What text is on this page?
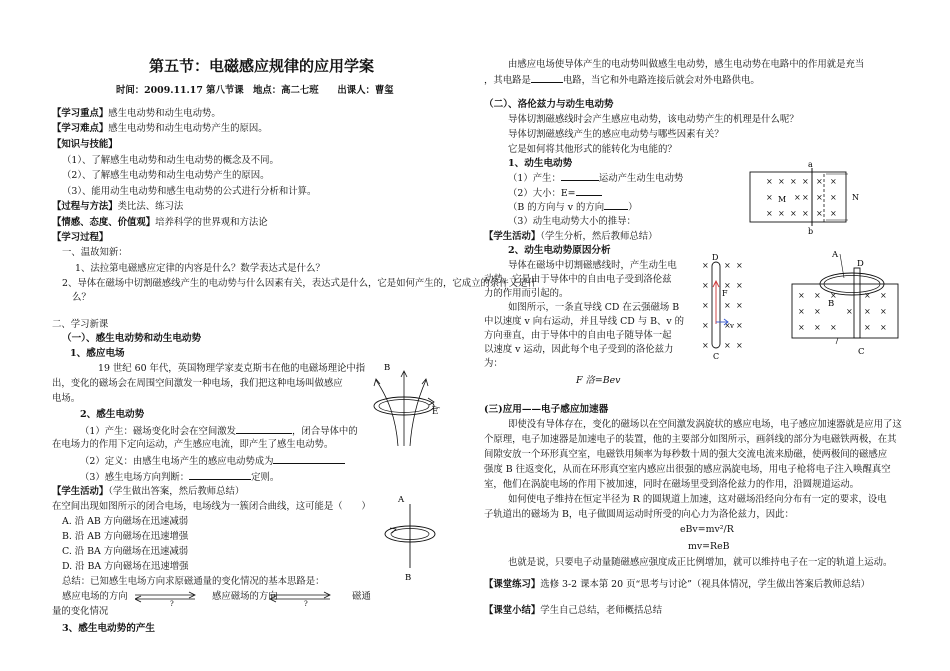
第五节：电磁感应规律的应用学案
时间：2009.11.17 第八节课　地点：高二七班　　出课人：曹玺
【学习重点】感生电动势和动生电动势。
【学习难点】感生电动势和动生电动势产生的原因。
【知识与技能】
（1）、了解感生电动势和动生电动势的概念及不同。
（2）、了解感生电动势和动生电动势产生的原因。
（3）、能用动生电动势和感生电动势的公式进行分析和计算。
【过程与方法】类比法、练习法
【情感、态度、价值观】培养科学的世界观和方法论
【学习过程】
一、温故知新：
1、法拉第电磁感应定律的内容是什么？数学表达式是什么？
2、导体在磁场中切割磁感线产生的电动势与什么因素有关，表达式是什么，它是如何产生的，它成立的条件又是什
么？
二、学习新课
（一）、感生电动势和动生电动势
1、感应电场
19 世纪 60 年代，英国物理学家麦克斯韦在他的电磁场理论中指
出，变化的磁场会在周围空间激发一种电场，我们把这种电场叫做感应
电场。
2、感生电动势
（1）产生：磁场变化时会在空间激发	，闭合导体中的
在电场力的作用下定向运动，产生感应电流，即产生了感生电动势。
（2）定义：由感生电场产生的感应电动势成为
（3）感生电场方向判断：	定则。
【学生活动】（学生做出答案，然后教师总结）
在空间出现如图所示的闭合电场，电场线为一簇闭合曲线，这可能是（　　）
A. 沿 AB 方向磁场在迅速减弱
B. 沿 AB 方向磁场在迅速增强
C. 沿 BA 方向磁场在迅速减弱
D. 沿 BA 方向磁场在迅速增强
总结：已知感生电场方向求原磁通量的变化情况的基本思路是：
感应电场的方向	感应磁场的方向	磁通
量的变化情况
?	?
3、感生电动势的产生
B
E
A
B
由感应电场使导体产生的电动势叫做感生电动势，感生电动势在电路中的作用就是充当
，其电路是	电路，当它和外电路连接后就会对外电路供电。
（二）、洛伦兹力与动生电动势
导体切割磁感线时会产生感应电动势，该电动势产生的机理是什么呢？
导体切割磁感线产生的感应电动势与哪些因素有关？
它是如何将其他形式的能转化为电能的？
1、动生电动势
（1）产生：	运动产生动生电动势
（2）大小：E=
（B 的方向与 v 的方向	）
（3）动生电动势大小的推导：
【学生活动】（学生分析，然后教师总结）
2、动生电动势原因分析
导体在磁场中切割磁感线时，产生动生电
动势，它是由于导体中的自由电子受到洛伦兹
力的作用而引起的。
如图所示，一条直导线 CD 在云强磁场 B
中以速度 v 向右运动，并且导线 CD 与 B、v 的
方向垂直，由于导体中的自由电子随导体一起
以速度 v 运动，因此每个电子受到的洛伦兹力
为：
F 洛=Bev
(三)应用——电子感应加速器
即使没有导体存在，变化的磁场以在空间激发涡旋状的感应电场，电子感应加速器就是应用了这
个原理，电子加速器是加速电子的装置，他的主要部分如图所示，画斜线的部分为电磁铁两极，在其
间隙安放一个环形真空室，电磁铁用频率为每秒数十周的强大交流电流来励磁，使两极间的磁感应
强度 B 往返变化，从而在环形真空室内感应出很强的感应涡旋电场，用电子枪将电子注入唤醒真空
室，他们在涡旋电场的作用下被加速，同时在磁场里受到洛伦兹力的作用，沿圆规道运动。
如何使电子维持在恒定半径为 R 的圆规道上加速，这对磁场沿经向分布有一定的要求，设电
子轨道出的磁场为 B，电子做圆周运动时所受的向心力为洛伦兹力，因此：
eBv=mv²/R
mv=ReB
也就是说，只要电子动量随磁感应强度成正比例增加，就可以维持电子在一定的轨道上运动。
【课堂练习】选修 3-2 课本第 20 页“思考与讨论”（视具体情况，学生做出答案后教师总结）
【课堂小结】学生自己总结，老师概括总结
× × × × × ×
×	× × × ×
× × × × × ×
a
b
M	N
× × ×
× × ×
× × ×
× × ×
× × ×
D
C
F
v
× × ×	× ×
× ×	× × ×
× × ×	× ×
A
D
B
C
